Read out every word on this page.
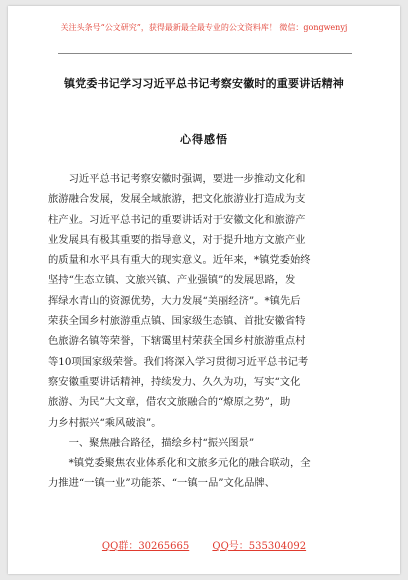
关注头条号“公文研究”，获得最新最全最专业的公文资料库！ 微信：gongwenyj
镇党委书记学习习近平总书记考察安徽时的重要讲话精神
心得感悟
　　习近平总书记考察安徽时强调，要进一步推动文化和
旅游融合发展，发展全域旅游，把文化旅游业打造成为支
柱产业。习近平总书记的重要讲话对于安徽文化和旅游产
业发展具有极其重要的指导意义，对于提升地方文旅产业
的质量和水平具有重大的现实意义。近年来，*镇党委始终
坚持“生态立镇、文旅兴镇、产业强镇”的发展思路，发
挥绿水青山的资源优势，大力发展“美丽经济”。*镇先后
荣获全国乡村旅游重点镇、国家级生态镇、首批安徽省特
色旅游名镇等荣誉，下辖霭里村荣获全国乡村旅游重点村
等10项国家级荣誉。我们将深入学习贯彻习近平总书记考
察安徽重要讲话精神，持续发力、久久为功，写实“文化
旅游、为民”大文章，借农文旅融合的“燎原之势”，助
力乡村振兴“乘风破浪”。
　　一、聚焦融合路径，描绘乡村“振兴图景”
　　*镇党委聚焦农业体系化和文旅多元化的融合联动，全
力推进“一镇一业”功能茶、“一镇一品”文化品牌、
QQ群：30265665 QQ号：535304092
